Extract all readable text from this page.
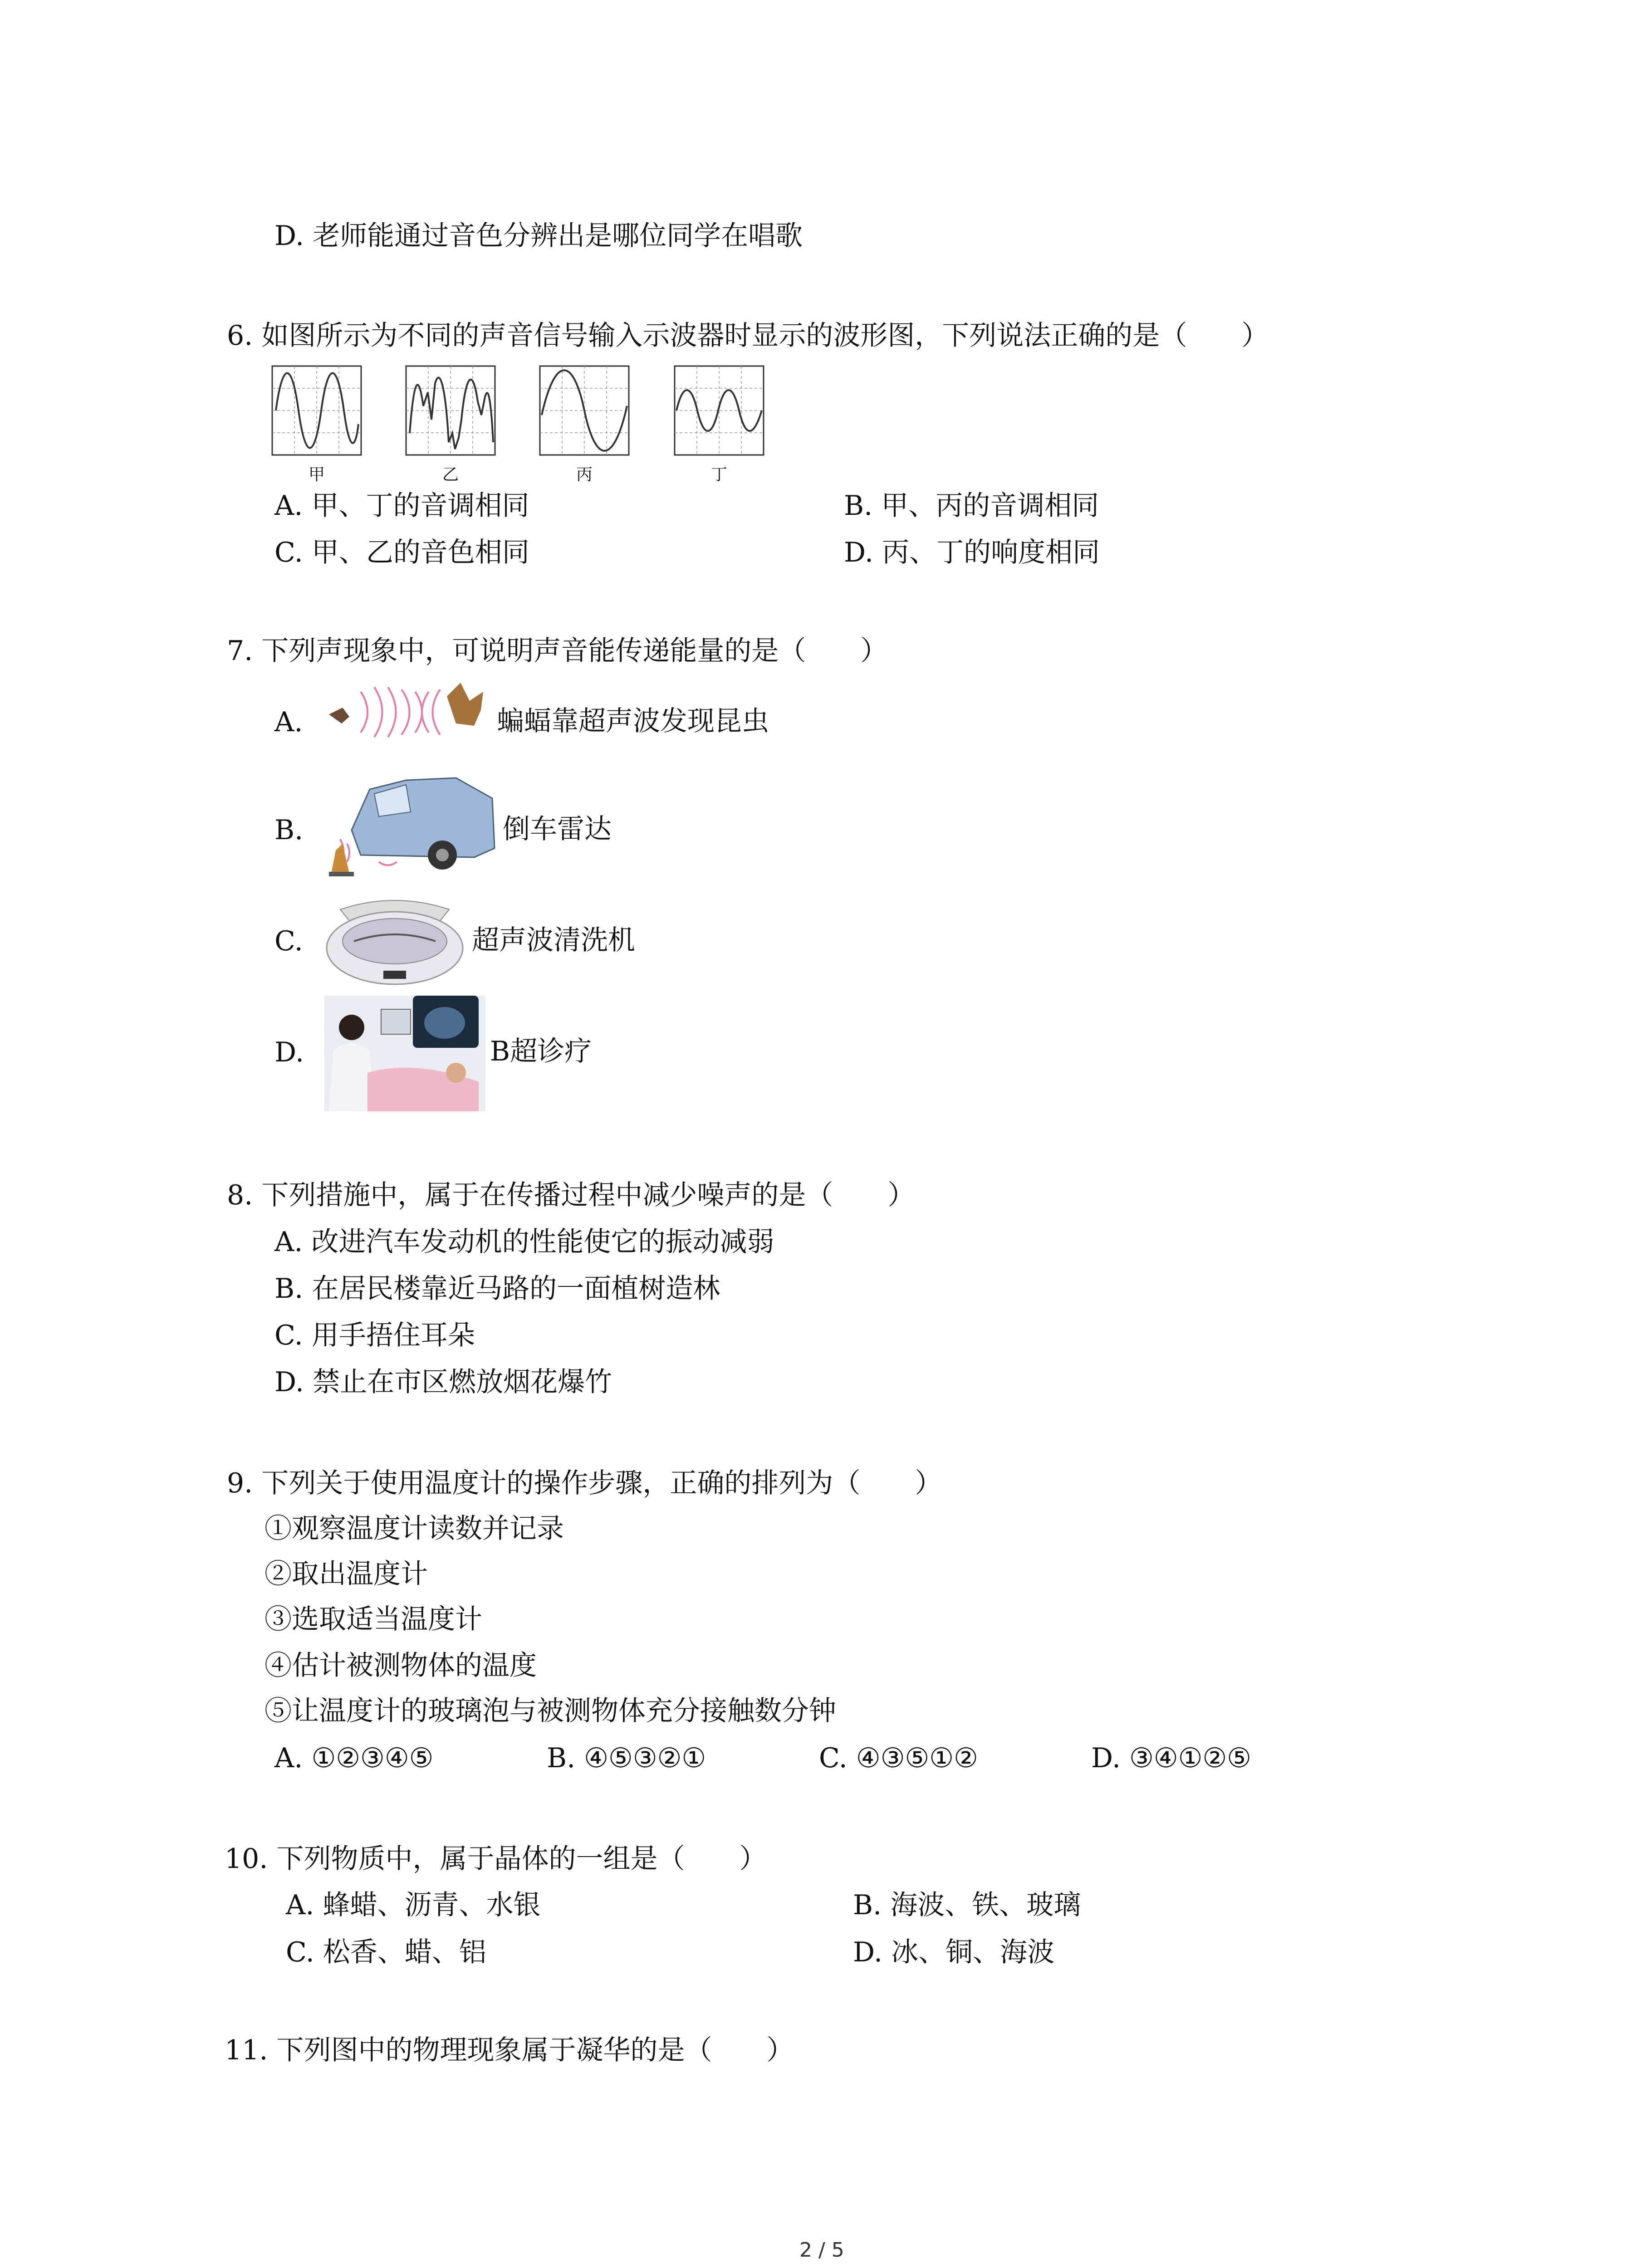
D. 老师能通过音色分辨出是哪位同学在唱歌
6. 如图所示为不同的声音信号输入示波器时显示的波形图，下列说法正确的是（　　）
甲	乙	丙	丁
A. 甲、丁的音调相同	B. 甲、丙的音调相同
C. 甲、乙的音色相同	D. 丙、丁的响度相同
7. 下列声现象中，可说明声音能传递能量的是（　　）
A.	蝙蝠靠超声波发现昆虫
B.	倒车雷达
C.	超声波清洗机
D.	B超诊疗
8. 下列措施中，属于在传播过程中减少噪声的是（　　）
A. 改进汽车发动机的性能使它的振动减弱
B. 在居民楼靠近马路的一面植树造林
C. 用手捂住耳朵
D. 禁止在市区燃放烟花爆竹
9. 下列关于使用温度计的操作步骤，正确的排列为（　　）
①观察温度计读数并记录
②取出温度计
③选取适当温度计
④估计被测物体的温度
⑤让温度计的玻璃泡与被测物体充分接触数分钟
A. ①②③④⑤	B. ④⑤③②①	C. ④③⑤①②	D. ③④①②⑤
10. 下列物质中，属于晶体的一组是（　　）
A. 蜂蜡、沥青、水银	B. 海波、铁、玻璃
C. 松香、蜡、铝	D. 冰、铜、海波
11. 下列图中的物理现象属于凝华的是（　　）
2 / 5
